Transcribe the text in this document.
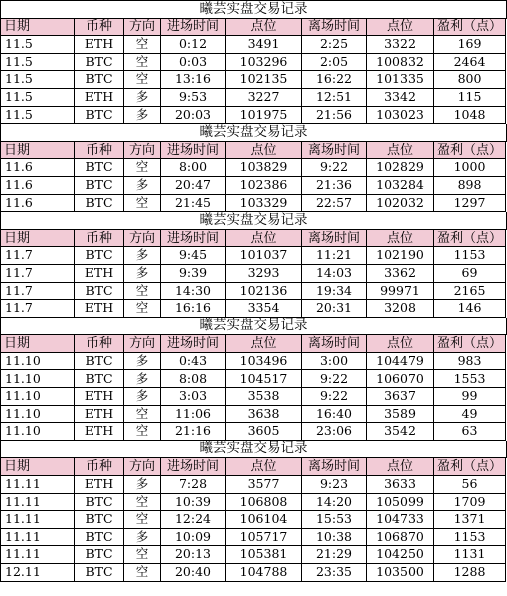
曦芸实盘交易记录
日期	币种	方向 进场时间	点位	离场时间	点位	盈利（点）
11.5	ETH	空	0:12	3491	2:25	3322	169
11.5	BTC	空	0:03	103296	2:05	100832	2464
11.5	BTC	空	13:16	102135	16:22	101335	800
11.5	ETH	多	9:53	3227	12:51	3342	115
11.5	BTC	多	20:03	101975	21:56	103023	1048
曦芸实盘交易记录
日期	币种	方向 进场时间	点位	离场时间	点位	盈利（点）
11.6	BTC	空	8:00	103829	9:22	102829	1000
11.6	BTC	多	20:47	102386	21:36	103284	898
11.6	BTC	空	21:45	103329	22:57	102032	1297
曦芸实盘交易记录
日期	币种	方向 进场时间	点位	离场时间	点位	盈利（点）
11.7	BTC	多	9:45	101037	11:21	102190	1153
11.7	ETH	多	9:39	3293	14:03	3362	69
11.7	BTC	空	14:30	102136	19:34	99971	2165
11.7	ETH	空	16:16	3354	20:31	3208	146
曦芸实盘交易记录
日期	币种	方向 进场时间	点位	离场时间	点位	盈利（点）
11.10	BTC	多	0:43	103496	3:00	104479	983
11.10	BTC	多	8:08	104517	9:22	106070	1553
11.10	ETH	多	3:03	3538	9:22	3637	99
11.10	ETH	空	11:06	3638	16:40	3589	49
11.10	ETH	空	21:16	3605	23:06	3542	63
曦芸实盘交易记录
日期	币种	方向 进场时间	点位	离场时间	点位	盈利（点）
11.11	ETH	多	7:28	3577	9:23	3633	56
11.11	BTC	空	10:39	106808	14:20	105099	1709
11.11	BTC	空	12:24	106104	15:53	104733	1371
11.11	BTC	多	10:09	105717	10:38	106870	1153
11.11	BTC	空	20:13	105381	21:29	104250	1131
12.11	BTC	空	20:40	104788	23:35	103500	1288
